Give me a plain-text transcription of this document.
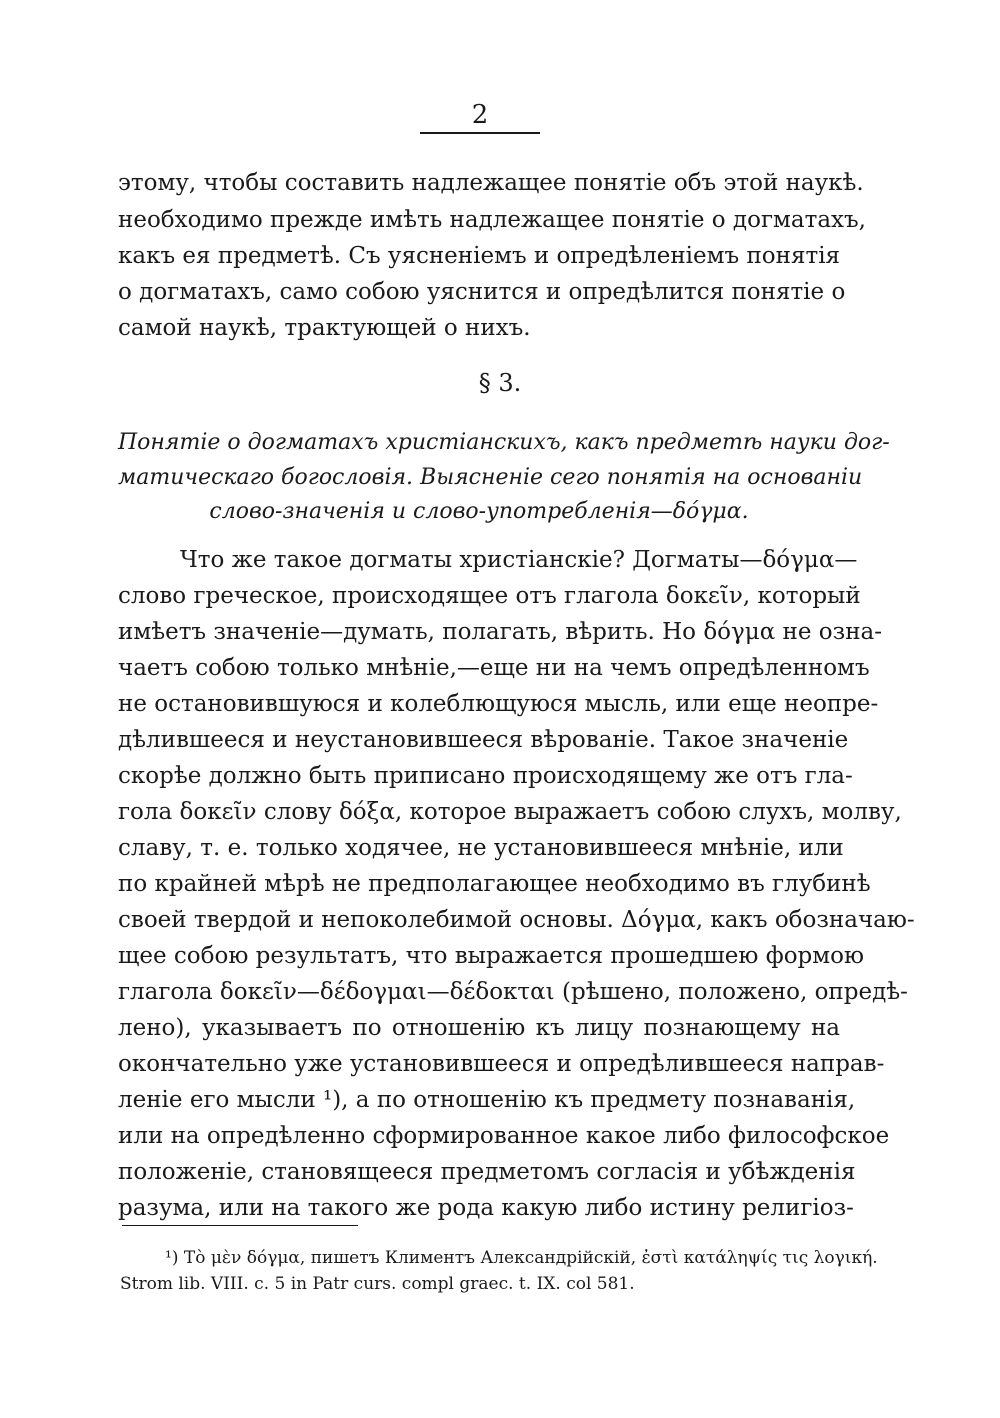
2
этому, чтобы составить надлежащее понятіе объ этой наукѣ.
необходимо прежде имѣть надлежащее понятіе о догматахъ,
какъ ея предметѣ. Съ уясненіемъ и опредѣленіемъ понятія
о догматахъ, само собою уяснится и опредѣлится понятіе о
самой наукѣ, трактующей о нихъ.
§ 3.
Понятіе о догматахъ христіанскихъ, какъ предметѣ науки дог-
матическаго богословія. Выясненіе сего понятія на основаніи
слово-значенія и слово-употребленія—δόγμα.
Что же такое догматы христіанскіе? Догматы—δόγμα—
слово греческое, происходящее отъ глагола δοκεῖν, который
имѣетъ значеніе—думать, полагать, вѣрить. Но δόγμα не озна-
чаетъ собою только мнѣніе,—еще ни на чемъ опредѣленномъ
не остановившуюся и колеблющуюся мысль, или еще неопре-
дѣлившееся и неустановившееся вѣрованіе. Такое значеніе
скорѣе должно быть приписано происходящему же отъ гла-
гола δοκεῖν слову δόξα, которое выражаетъ собою слухъ, молву,
славу, т. е. только ходячее, не установившееся мнѣніе, или
по крайней мѣрѣ не предполагающее необходимо въ глубинѣ
своей твердой и непоколебимой основы. Δόγμα, какъ обозначаю-
щее собою результатъ, что выражается прошедшею формою
глагола δοκεῖν—δέδογμαι—δέδοκται (рѣшено, положено, опредѣ-
лено), указываетъ по отношенію къ лицу познающему на
окончательно уже установившееся и опредѣлившееся направ-
леніе его мысли ¹), а по отношенію къ предмету познаванія,
или на опредѣленно сформированное какое либо философское
положеніе, становящееся предметомъ согласія и убѣжденія
разума, или на такого же рода какую либо истину религіоз-
¹) Τὸ μὲν δόγμα, пишетъ Климентъ Александрійскій, ἐστὶ κατάληψίς τις λογική.
Strom lib. VIII. c. 5 in Patr curs. compl graec. t. IX. col 581.
